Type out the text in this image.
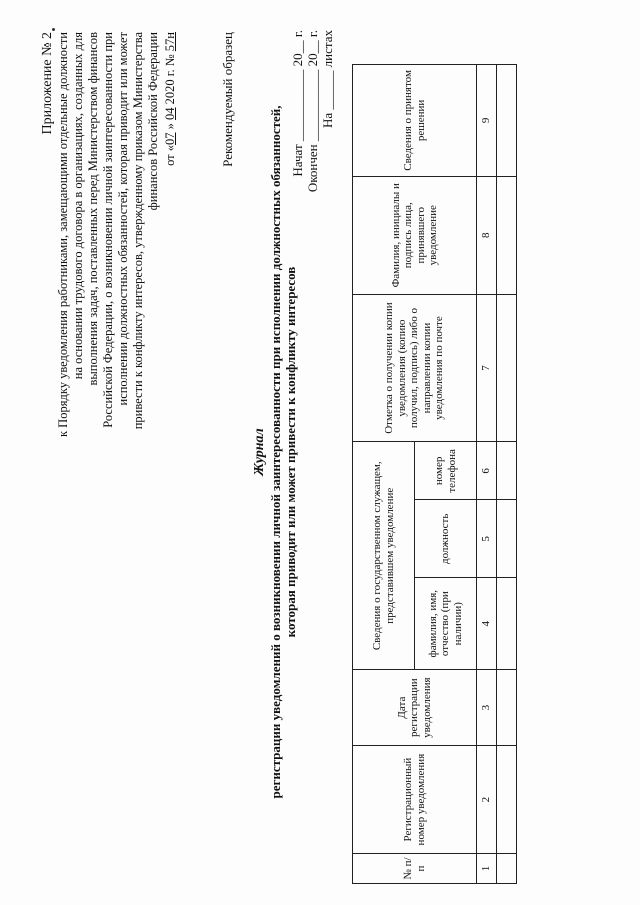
Приложение № 2 к Порядку уведомления работниками, замещающими отдельные должности на основании трудового договора в организациях, созданных для выполнения задач, поставленных перед Министерством финансов Российской Федерации, о возникновении личной заинтересованности при исполнении должностных обязанностей, которая приводит или может привести к конфликту интересов, утвержденному приказом Министерства финансов Российской Федерации от «07 » 04 2020 г. № 57н	Рекомендуемый образец
Журнал регистрации уведомлений о возникновении личной заинтересованности при исполнении должностных обязанностей, которая приводит или может привести к конфликту интересов
Начат ___________ 20__ г. Окончен ___________ 20__ г. На ______ листах
№ п/п	Регистрационный номер уведомления	Дата регистрации уведомления	Сведения о государственном служащем, представившем уведомление			Отметка о получении копии уведомления (копию получил, подпись) либо о направлении копии уведомления по почте	Фамилия, инициалы и подпись лица, принявшего уведомление	Сведения о принятом решении
			фамилия, имя, отчество (при наличии)	должность	номер телефона			
1	2	3	4	5	6	7	8	9
